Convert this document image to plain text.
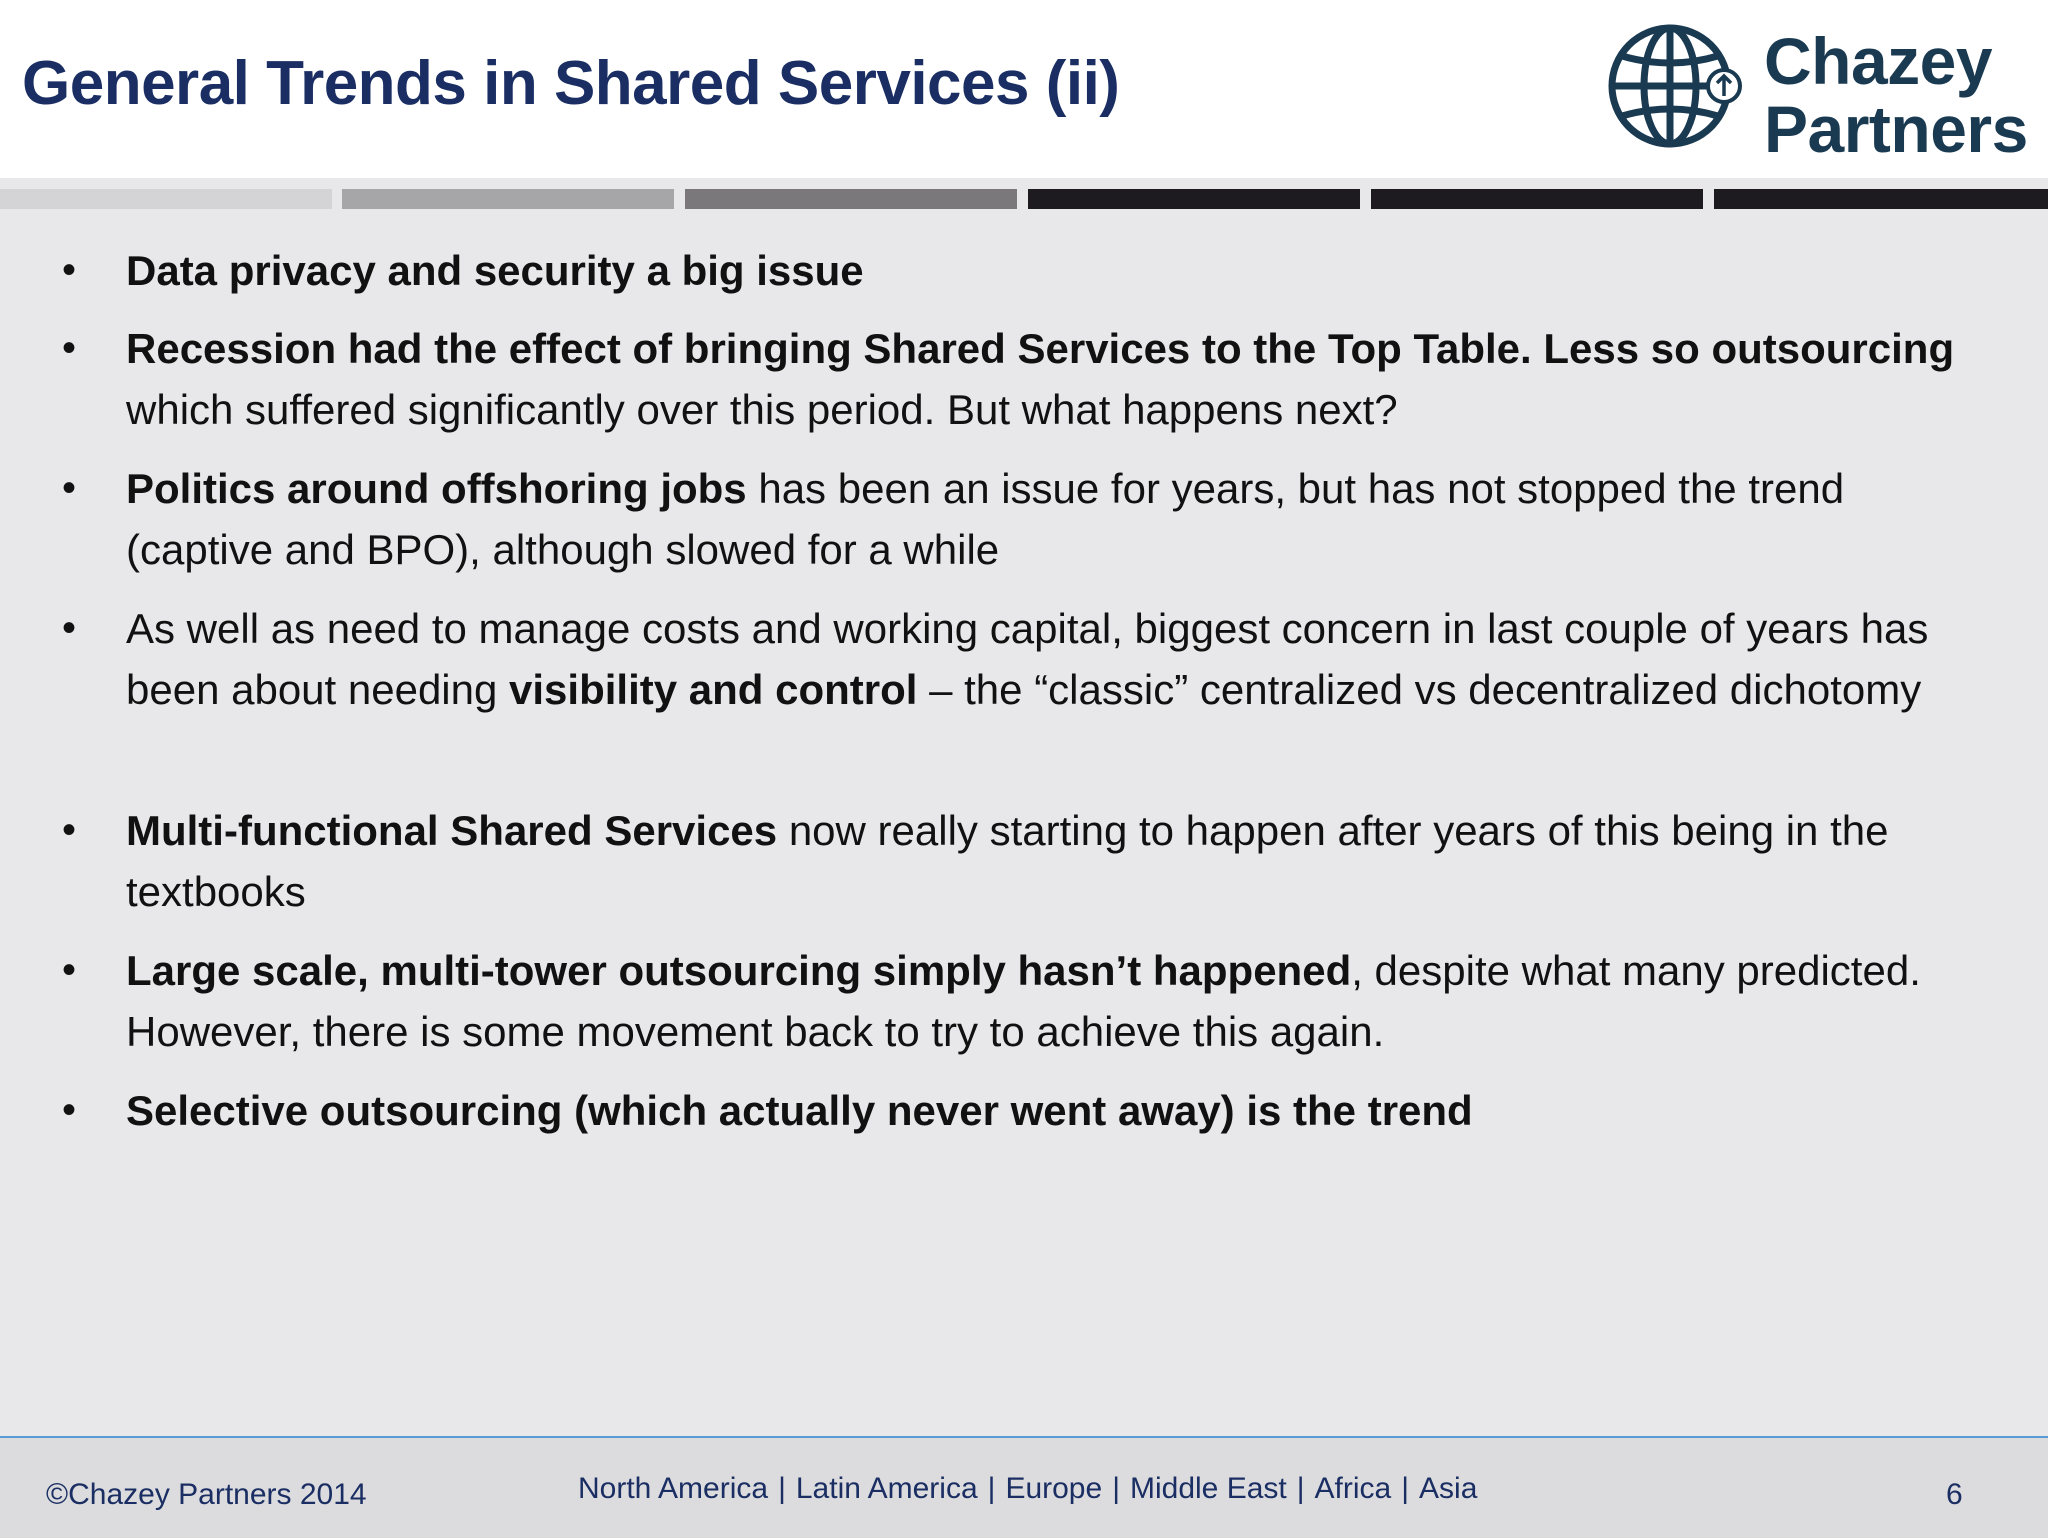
General Trends in Shared Services (ii)	Chazey
Partners
• Data privacy and security a big issue
• Recession had the effect of bringing Shared Services to the Top Table. Less so outsourcing which suffered significantly over this period. But what happens next?
• Politics around offshoring jobs has been an issue for years, but has not stopped the trend (captive and BPO), although slowed for a while
• As well as need to manage costs and working capital, biggest concern in last couple of years has been about needing visibility and control – the “classic” centralized vs decentralized dichotomy
• Multi-functional Shared Services now really starting to happen after years of this being in the textbooks
• Large scale, multi-tower outsourcing simply hasn’t happened, despite what many predicted. However, there is some movement back to try to achieve this again.
• Selective outsourcing (which actually never went away) is the trend
©Chazey Partners 2014	North America | Latin America | Europe | Middle East | Africa | Asia	6
